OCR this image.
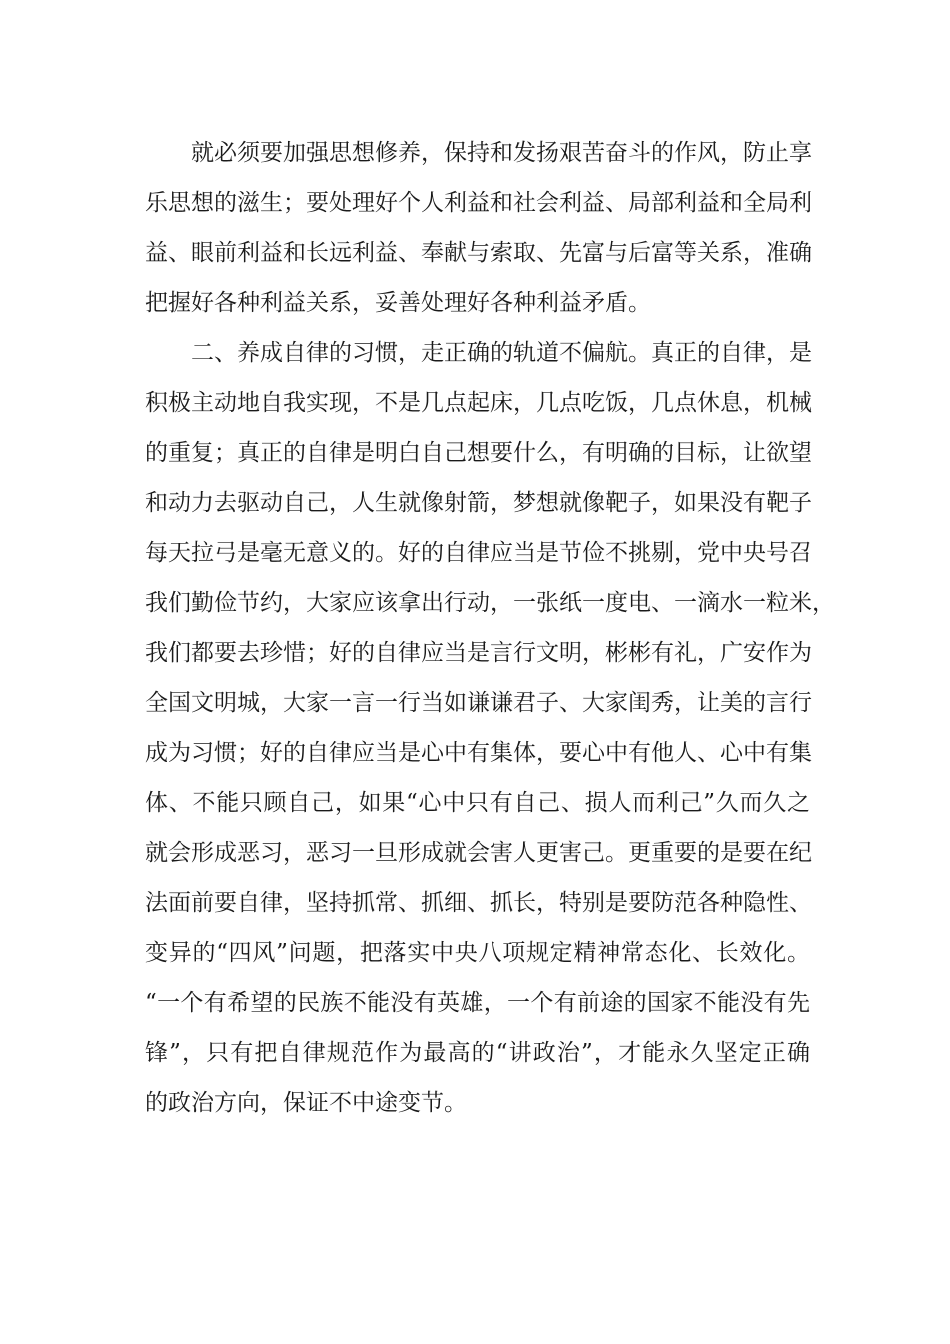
就必须要加强思想修养，保持和发扬艰苦奋斗的作风，防止享
乐思想的滋生；要处理好个人利益和社会利益、局部利益和全局利
益、眼前利益和长远利益、奉献与索取、先富与后富等关系，准确
把握好各种利益关系，妥善处理好各种利益矛盾。
二、养成自律的习惯，走正确的轨道不偏航。真正的自律，是
积极主动地自我实现，不是几点起床，几点吃饭，几点休息，机械
的重复；真正的自律是明白自己想要什么，有明确的目标，让欲望
和动力去驱动自己，人生就像射箭，梦想就像靶子，如果没有靶子
每天拉弓是毫无意义的。好的自律应当是节俭不挑剔，党中央号召
我们勤俭节约，大家应该拿出行动，一张纸一度电、一滴水一粒米，
我们都要去珍惜；好的自律应当是言行文明，彬彬有礼，广安作为
全国文明城，大家一言一行当如谦谦君子、大家闺秀，让美的言行
成为习惯；好的自律应当是心中有集体，要心中有他人、心中有集
体、不能只顾自己，如果“心中只有自己、损人而利己”久而久之
就会形成恶习，恶习一旦形成就会害人更害己。更重要的是要在纪
法面前要自律，坚持抓常、抓细、抓长，特别是要防范各种隐性、
变异的“四风”问题，把落实中央八项规定精神常态化、长效化。
“一个有希望的民族不能没有英雄，一个有前途的国家不能没有先
锋”，只有把自律规范作为最高的“讲政治”，才能永久坚定正确
的政治方向，保证不中途变节。
